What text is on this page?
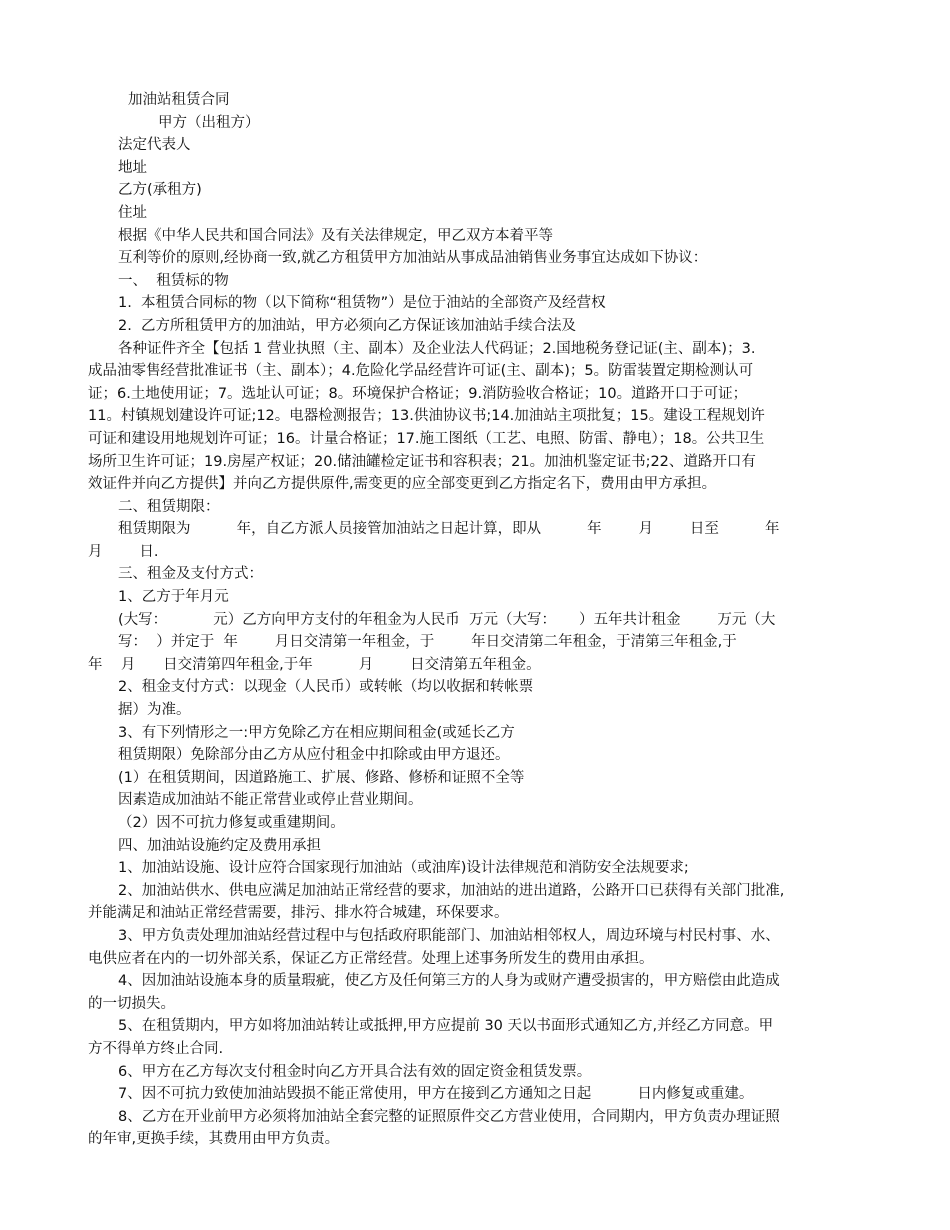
加油站租赁合同
甲方（出租方）
法定代表人
地址
乙方(承租方)
住址
根据《中华人民共和国合同法》及有关法律规定，甲乙双方本着平等
互利等价的原则,经协商一致,就乙方租赁甲方加油站从事成品油销售业务事宜达成如下协议：
一、  租赁标的物
1.  本租赁合同标的物（以下简称“租赁物”）是位于油站的全部资产及经营权
2.  乙方所租赁甲方的加油站，甲方必须向乙方保证该加油站手续合法及
各种证件齐全【包括 1 营业执照（主、副本）及企业法人代码证；2.国地税务登记证(主、副本)；3.
成品油零售经营批准证书（主、副本）；4.危险化学品经营许可证(主、副本)；5。防雷装置定期检测认可
证；6.土地使用证；7。选址认可证；8。环境保护合格证；9.消防验收合格证；10。道路开口于可证；
11。村镇规划建设许可证;12。电器检测报告；13.供油协议书;14.加油站主项批复；15。建设工程规划许
可证和建设用地规划许可证；16。计量合格证；17.施工图纸（工艺、电照、防雷、静电）；18。公共卫生
场所卫生许可证；19.房屋产权证；20.储油罐检定证书和容积表；21。加油机鉴定证书;22、道路开口有
效证件并向乙方提供】并向乙方提供原件,需变更的应全部变更到乙方指定名下，费用由甲方承担。
二、租赁期限：
租赁期限为          年，自乙方派人员接管加油站之日起计算，即从          年        月        日至          年
月        日.
三、租金及支付方式：
1、乙方于年月元
(大写：          元）乙方向甲方支付的年租金为人民币  万元（大写：     ）五年共计租金        万元（大
写：  ）并定于  年        月日交清第一年租金，于        年日交清第二年租金，于清第三年租金,于
年    月      日交清第四年租金,于年          月        日交清第五年租金。
2、租金支付方式：以现金（人民币）或转帐（均以收据和转帐票
据）为准。
3、有下列情形之一:甲方免除乙方在相应期间租金(或延长乙方
租赁期限）免除部分由乙方从应付租金中扣除或由甲方退还。
(1）在租赁期间，因道路施工、扩展、修路、修桥和证照不全等
因素造成加油站不能正常营业或停止营业期间。
（2）因不可抗力修复或重建期间。
四、加油站设施约定及费用承担
1、加油站设施、设计应符合国家现行加油站（或油库)设计法律规范和消防安全法规要求;
2、加油站供水、供电应满足加油站正常经营的要求，加油站的进出道路，公路开口已获得有关部门批准,
并能满足和油站正常经营需要，排污、排水符合城建，环保要求。
3、甲方负责处理加油站经营过程中与包括政府职能部门、加油站相邻权人，周边环境与村民村事、水、
电供应者在内的一切外部关系，保证乙方正常经营。处理上述事务所发生的费用由承担。
4、因加油站设施本身的质量瑕疵，使乙方及任何第三方的人身为或财产遭受损害的，甲方赔偿由此造成
的一切损失。
5、在租赁期内，甲方如将加油站转让或抵押,甲方应提前 30 天以书面形式通知乙方,并经乙方同意。甲
方不得单方终止合同.
6、甲方在乙方每次支付租金时向乙方开具合法有效的固定资金租赁发票。
7、因不可抗力致使加油站毁损不能正常使用，甲方在接到乙方通知之日起          日内修复或重建。
8、乙方在开业前甲方必须将加油站全套完整的证照原件交乙方营业使用，合同期内，甲方负责办理证照
的年审,更换手续，其费用由甲方负责。
